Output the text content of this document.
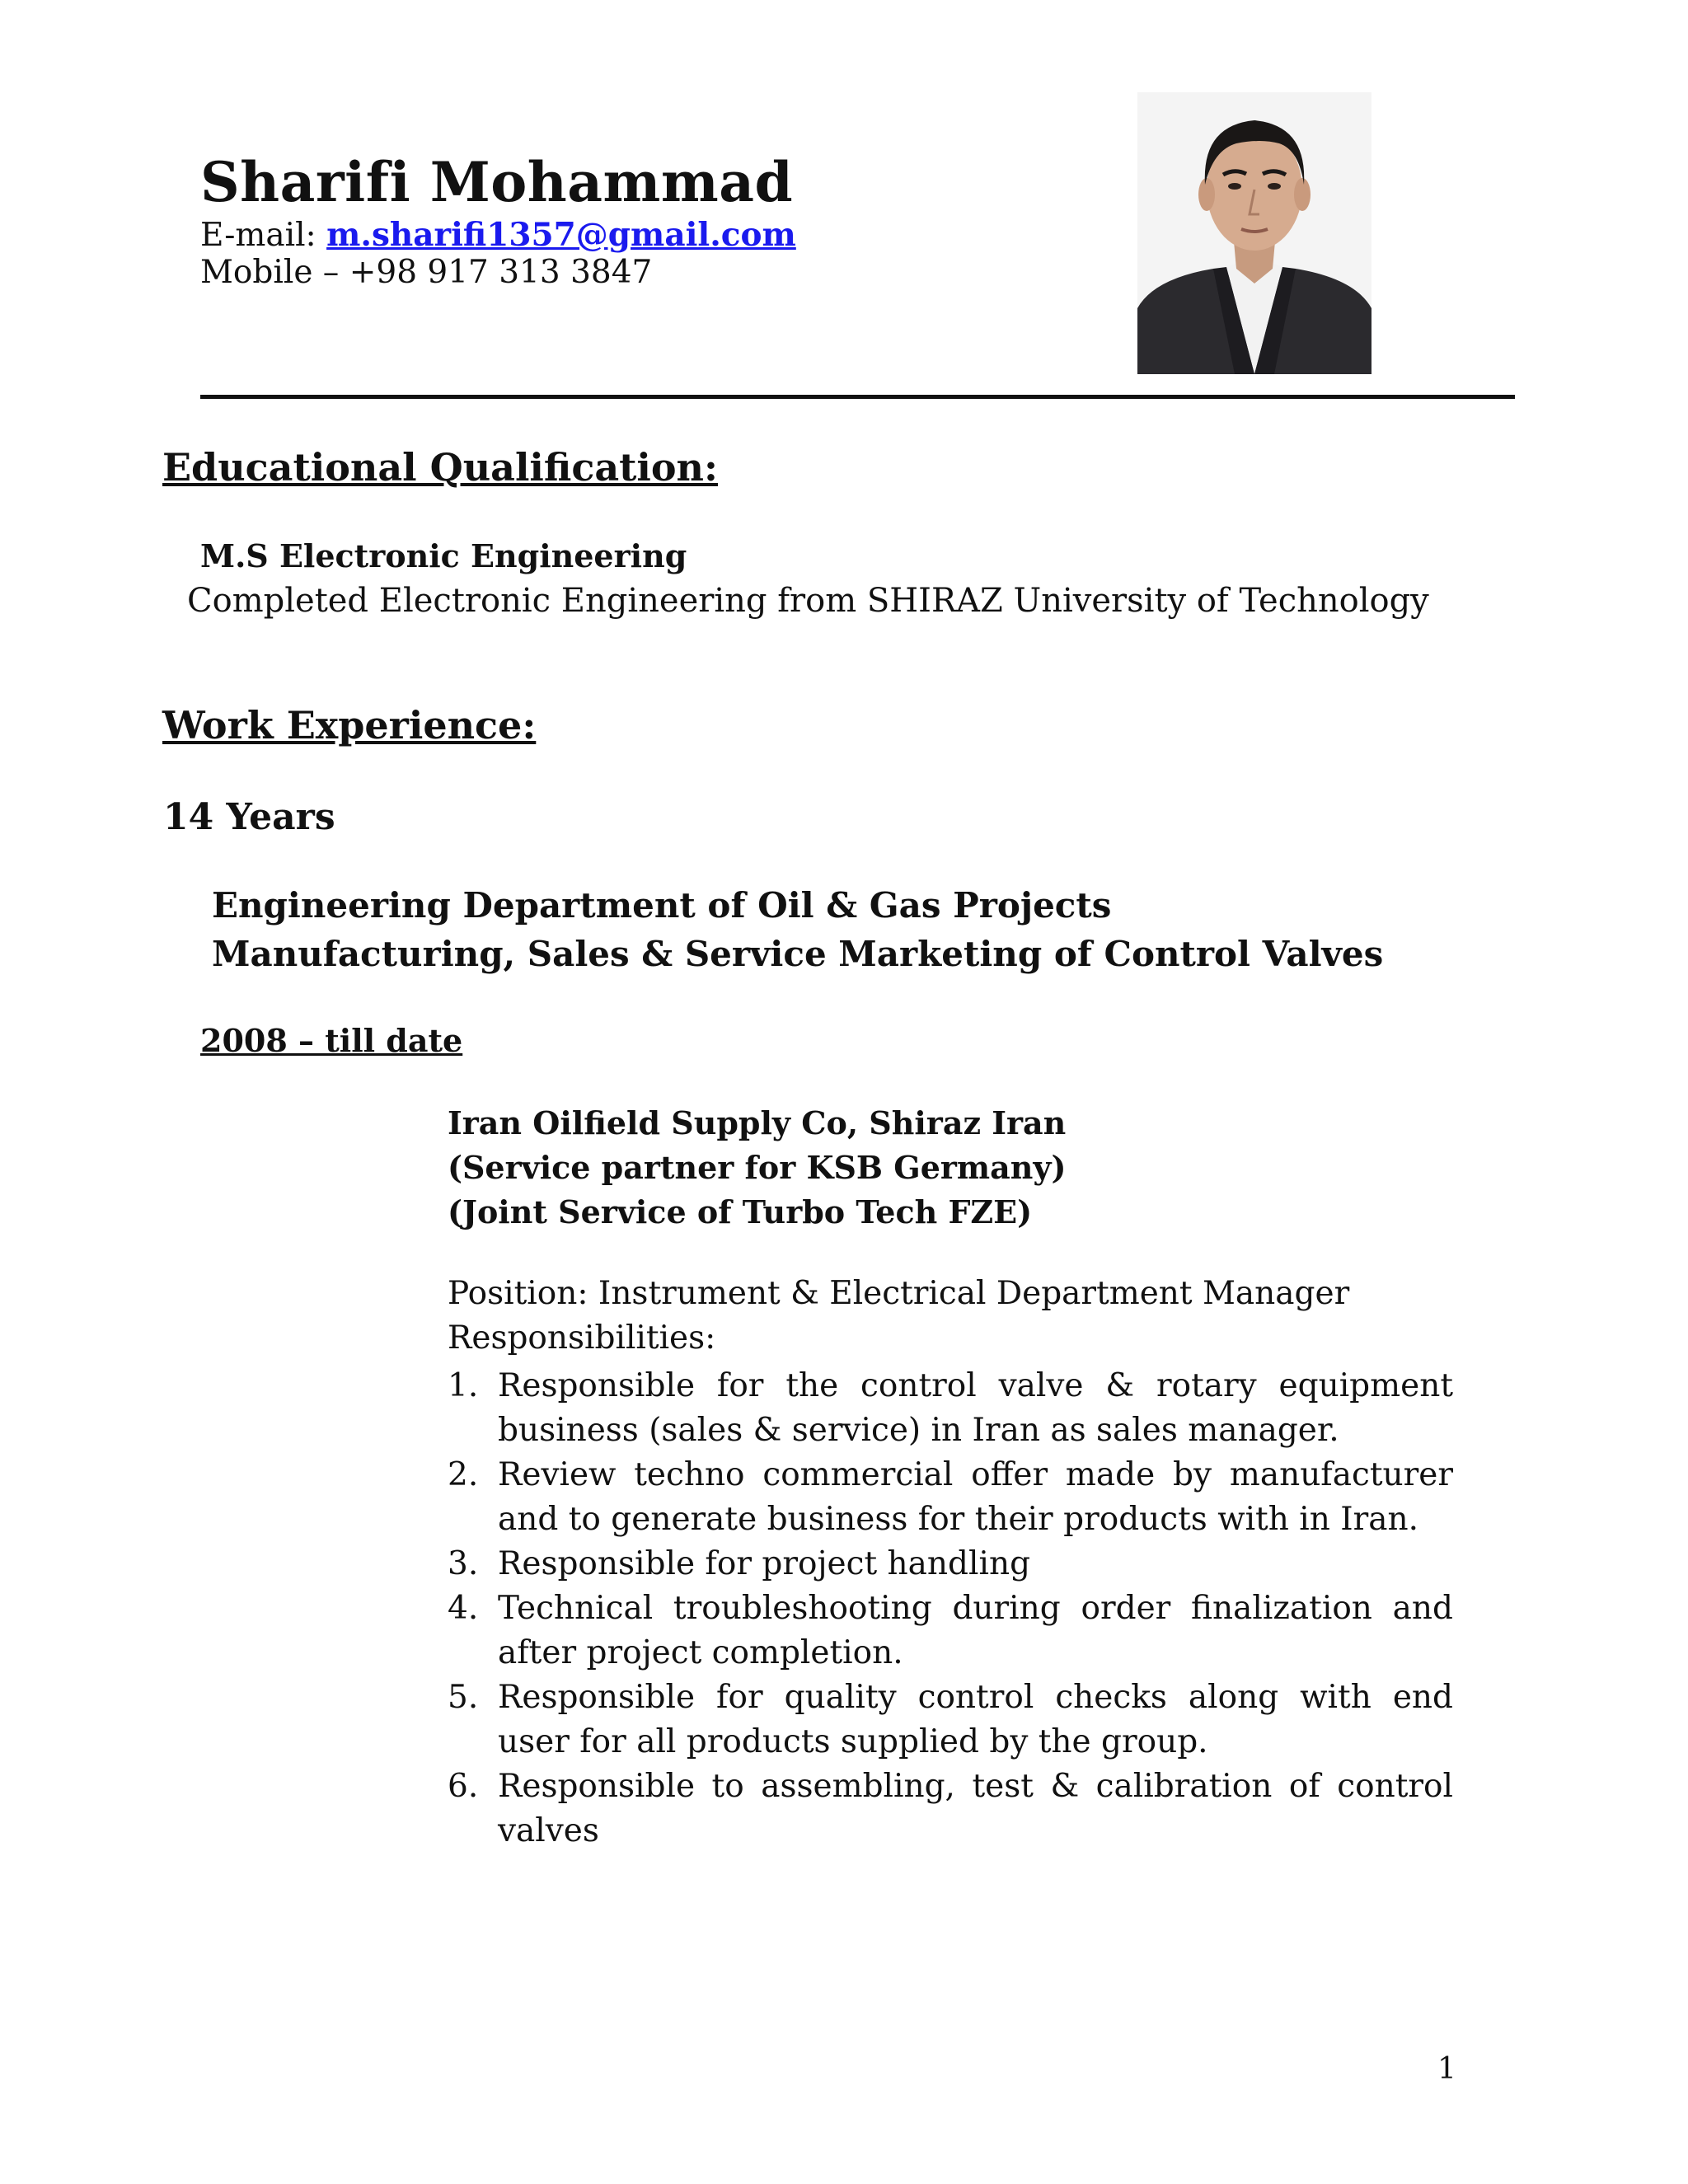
Sharifi Mohammad
E-mail: m.sharifi1357@gmail.com
Mobile – +98 917 313 3847
Educational Qualification:
M.S Electronic Engineering
Completed Electronic Engineering from SHIRAZ University of Technology
Work Experience:
14 Years
Engineering Department of Oil & Gas Projects
Manufacturing, Sales & Service Marketing of Control Valves
2008 – till date
Iran Oilfield Supply Co, Shiraz Iran
(Service partner for KSB Germany)
(Joint Service of Turbo Tech FZE)
Position: Instrument & Electrical Department Manager
Responsibilities:
1. Responsible for the control valve & rotary equipment business (sales & service) in Iran as sales manager.
2. Review techno commercial offer made by manufacturer and to generate business for their products with in Iran.
3. Responsible for project handling
4. Technical troubleshooting during order finalization and after project completion.
5. Responsible for quality control checks along with end user for all products supplied by the group.
6. Responsible to assembling, test & calibration of control valves
1
